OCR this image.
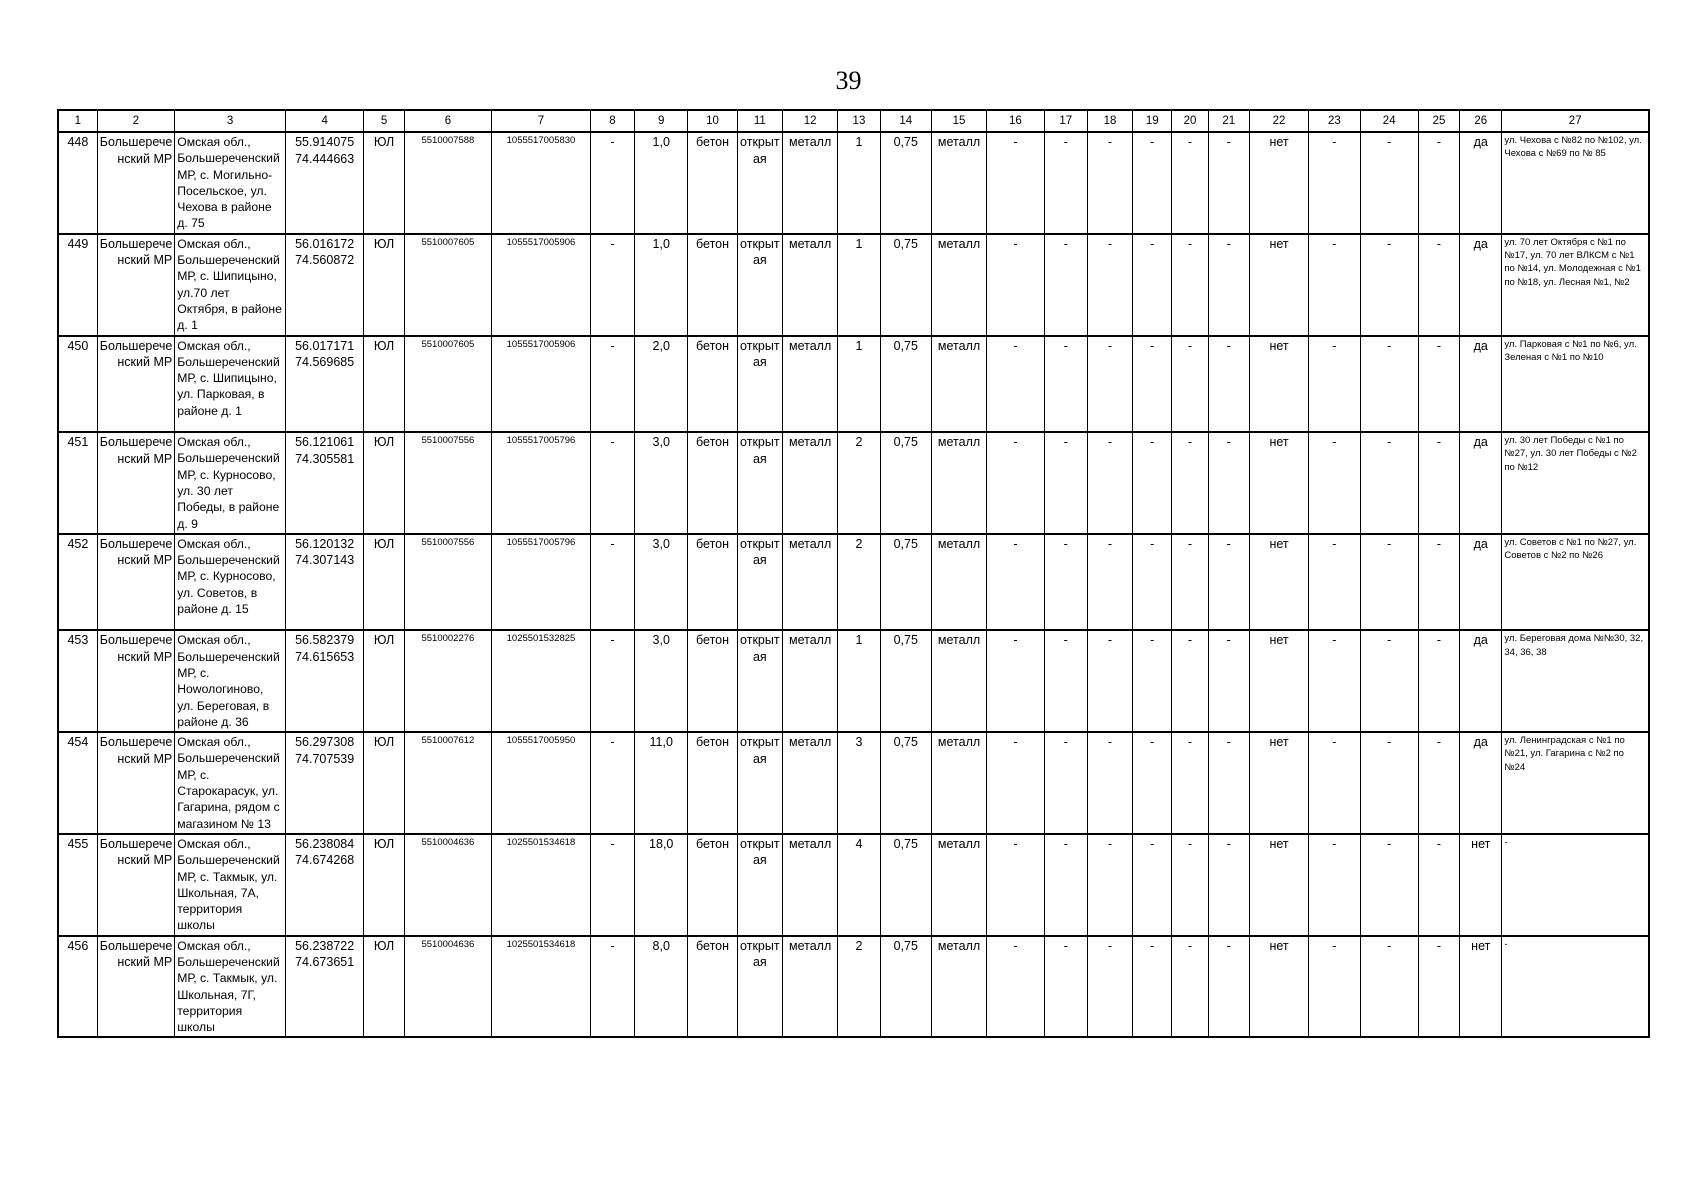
39
1	2	3	4	5	6	7	8	9	10	11	12	13	14	15	16	17	18	19	20	21	22	23	24	25	26	27
448	Большерече нский МР	Омская обл., Большереченский МР, с. Могильно-Посельское, ул. Чехова в районе д. 75	55.914075 74.444663	ЮЛ	5510007588	1055517005830	-	1,0	бетон	открыт ая	металл	1	0,75	металл	-	-	-	-	-	-	нет	-	-	-	да	ул. Чехова с №82 по №102, ул. Чехова с №69 по № 85
449	Большерече нский МР	Омская обл., Большереченский МР, с. Шипицыно, ул.70 лет Октября, в районе д. 1	56.016172 74.560872	ЮЛ	5510007605	1055517005906	-	1,0	бетон	открыт ая	металл	1	0,75	металл	-	-	-	-	-	-	нет	-	-	-	да	ул. 70 лет Октября с №1 по №17, ул. 70 лет ВЛКСМ с №1 по №14, ул. Молодежная с №1 по №18, ул. Лесная №1, №2
450	Большерече нский МР	Омская обл., Большереченский МР, с. Шипицыно, ул. Парковая, в районе д. 1	56.017171 74.569685	ЮЛ	5510007605	1055517005906	-	2,0	бетон	открыт ая	металл	1	0,75	металл	-	-	-	-	-	-	нет	-	-	-	да	ул. Парковая с №1 по №6, ул. Зеленая с №1 по №10
451	Большерече нский МР	Омская обл., Большереченский МР, с. Курносово, ул. 30 лет Победы, в районе д. 9	56.121061 74.305581	ЮЛ	5510007556	1055517005796	-	3,0	бетон	открыт ая	металл	2	0,75	металл	-	-	-	-	-	-	нет	-	-	-	да	ул. 30 лет Победы с №1 по №27, ул. 30 лет Победы с №2 по №12
452	Большерече нский МР	Омская обл., Большереченский МР, с. Курносово, ул. Советов, в районе д. 15	56.120132 74.307143	ЮЛ	5510007556	1055517005796	-	3,0	бетон	открыт ая	металл	2	0,75	металл	-	-	-	-	-	-	нет	-	-	-	да	ул. Советов с №1 по №27, ул. Советов с №2 по №26
453	Большерече нский МР	Омская обл., Большереченский МР, с. Нowологиново, ул. Береговая, в районе д. 36	56.582379 74.615653	ЮЛ	5510002276	1025501532825	-	3,0	бетон	открыт ая	металл	1	0,75	металл	-	-	-	-	-	-	нет	-	-	-	да	ул. Береговая дома №№30, 32, 34, 36, 38
454	Большерече нский МР	Омская обл., Большереченский МР, с. Старокарасук, ул. Гагарина, рядом с магазином № 13	56.297308 74.707539	ЮЛ	5510007612	1055517005950	-	11,0	бетон	открыт ая	металл	3	0,75	металл	-	-	-	-	-	-	нет	-	-	-	да	ул. Ленинградская с №1 по №21, ул. Гагарина с №2 по №24
455	Большерече нский МР	Омская обл., Большереченский МР, с. Такмык, ул. Школьная, 7А, территория школы	56.238084 74.674268	ЮЛ	5510004636	1025501534618	-	18,0	бетон	открыт ая	металл	4	0,75	металл	-	-	-	-	-	-	нет	-	-	-	нет	-
456	Большерече нский МР	Омская обл., Большереченский МР, с. Такмык, ул. Школьная, 7Г, территория школы	56.238722 74.673651	ЮЛ	5510004636	1025501534618	-	8,0	бетон	открыт ая	металл	2	0,75	металл	-	-	-	-	-	-	нет	-	-	-	нет	-
